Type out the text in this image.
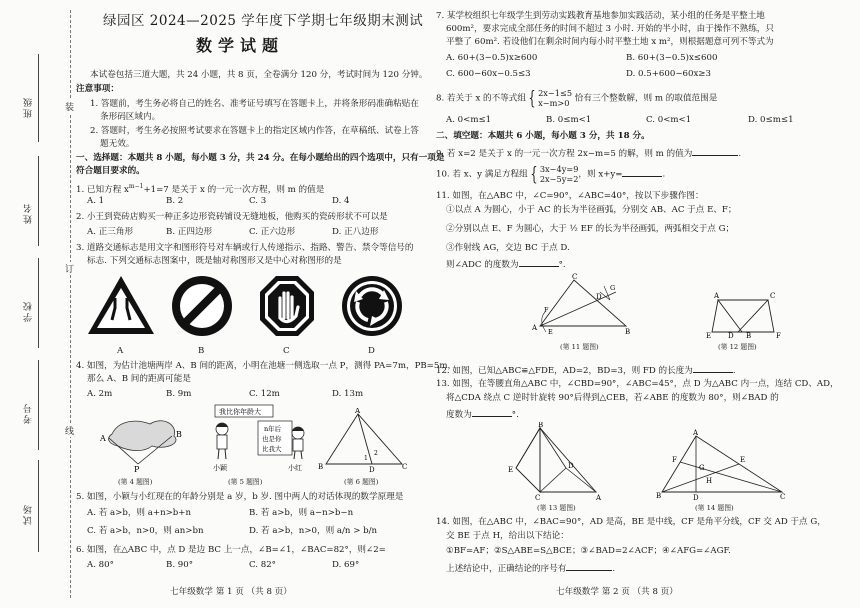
班级
姓名
学校
考号
试场
装
订
线
绿园区 2024—2025 学年度下学期七年级期末测试
数学试题
本试卷包括三道大题，共 24 小题，共 8 页，全卷满分 120 分，考试时间为 120 分钟。
注意事项：
1. 答题前，考生务必将自己的姓名、准考证号填写在答题卡上，并将条形码准确粘贴在
条形码区域内。
2. 答题时，考生务必按照考试要求在答题卡上的指定区域内作答，在草稿纸、试卷上答
题无效。
一、选择题：本题共 8 小题，每小题 3 分，共 24 分。在每小题给出的四个选项中，只有一项是
符合题目要求的。
1. 已知方程 $x^{m-1}+1=7$ 是关于 x 的一元一次方程，则 m 的值是
A. 1	B. 2	C. 3	D. 4
2. 小王到瓷砖店购买一种正多边形瓷砖铺设无缝地板，他购买的瓷砖形状不可以是
A. 正三角形	B. 正四边形	C. 正六边形	D. 正八边形
3. 道路交通标志是用文字和图形符号对车辆或行人传递指示、指路、警告、禁令等信号的
标志. 下列交通标志图案中，既是轴对称图形又是中心对称图形的是
A	B	C	D
4. 如图，为估计池塘两岸 A、B 间的距离，小明在池塘一侧选取一点 P，测得 PA=7m，PB=5m，
那么 A、B 间的距离可能是
A. 2m	B. 9m	C. 12m	D. 13m
A	B
P
(第 4 题图)
我比你年龄大
n年后
也是你
比我大
小颖	小红
(第 5 题图)
A
B	C
D
1
2
(第 6 题图)
5. 如图，小颖与小红现在的年龄分别是 a 岁，b 岁. 图中两人的对话体现的数学原理是
A. 若 a>b，则 a+n>b+n	B. 若 a>b，则 a−n>b−n
C. 若 a>b，n>0，则 an>bn	D. 若 a>b，n>0，则 a/n > b/n
6. 如图，在△ABC 中，点 D 是边 BC 上一点，∠B=∠1，∠BAC=82°，则∠2=
A. 80°	B. 90°	C. 82°	D. 69°
七年级数学 第 1 页 （共 8 页）
7. 某学校组织七年级学生到劳动实践教育基地参加实践活动，某小组的任务是平整土地
600m²，要求完成全部任务的时间不超过 3 小时. 开始的半小时，由于操作不熟练，只
平整了 60m². 若设他们在剩余时间内每小时平整土地 x m²，则根据题意可列不等式为
A. 60+(3−0.5)x≥600	B. 60+(3−0.5)x≤600
C. 600−60x−0.5≤3	D. 0.5+600−60x≥3
8. 若关于 x 的不等式组 { 2x−1≤5
x−m>0 恰有三个整数解，则 m 的取值范围是
A. 0<m≤1	B. 0≤m<1	C. 0<m<1	D. 0≤m≤1
二、填空题：本题共 6 小题，每小题 3 分，共 18 分。
9. 若 x=2 是关于 x 的一元一次方程 2x−m=5 的解，则 m 的值为	.
10. 若 x、y 满足方程组 { 3x−4y=9
2x−5y=2，则 x+y=	.
11. 如图，在△ABC 中，∠C=90°，∠ABC=40°，按以下步骤作图：
①以点 A 为圆心，小于 AC 的长为半径画弧，分别交 AB、AC 于点 E、F；
②分别以点 E、F 为圆心，大于 ½ EF 的长为半径画弧，两弧相交于点 G；
③作射线 AG，交边 BC 于点 D.
则∠ADC 的度数为	°.
A	B
C
D
E
F
G
(第 11 题图)
A
E D B	F
C
(第 12 题图)
12. 如图，已知△ABC≌△FDE，AD=2，BD=3，则 FD 的长度为	.
13. 如图，在等腰直角△ABC 中，∠CBD=90°，∠ABC=45°，点 D 为△ABC 内一点，连结 CD、AD，
将△CDA 绕点 C 逆时针旋转 90°后得到△CEB，若∠ABE 的度数为 80°，则∠BAD 的
度数为	°.
B
E
C	A
D
(第 13 题图)
A
B	C
D
E
F
G
H
(第 14 题图)
14. 如图，在△ABC 中，∠BAC=90°，AD 是高，BE 是中线，CF 是角平分线，CF 交 AD 于点 G，
交 BE 于点 H，给出以下结论：
①BF=AF；②S△ABE=S△BCE；③∠BAD=2∠ACF；④∠AFG=∠AGF.
上述结论中，正确结论的序号有	.
七年级数学 第 2 页 （共 8 页）
